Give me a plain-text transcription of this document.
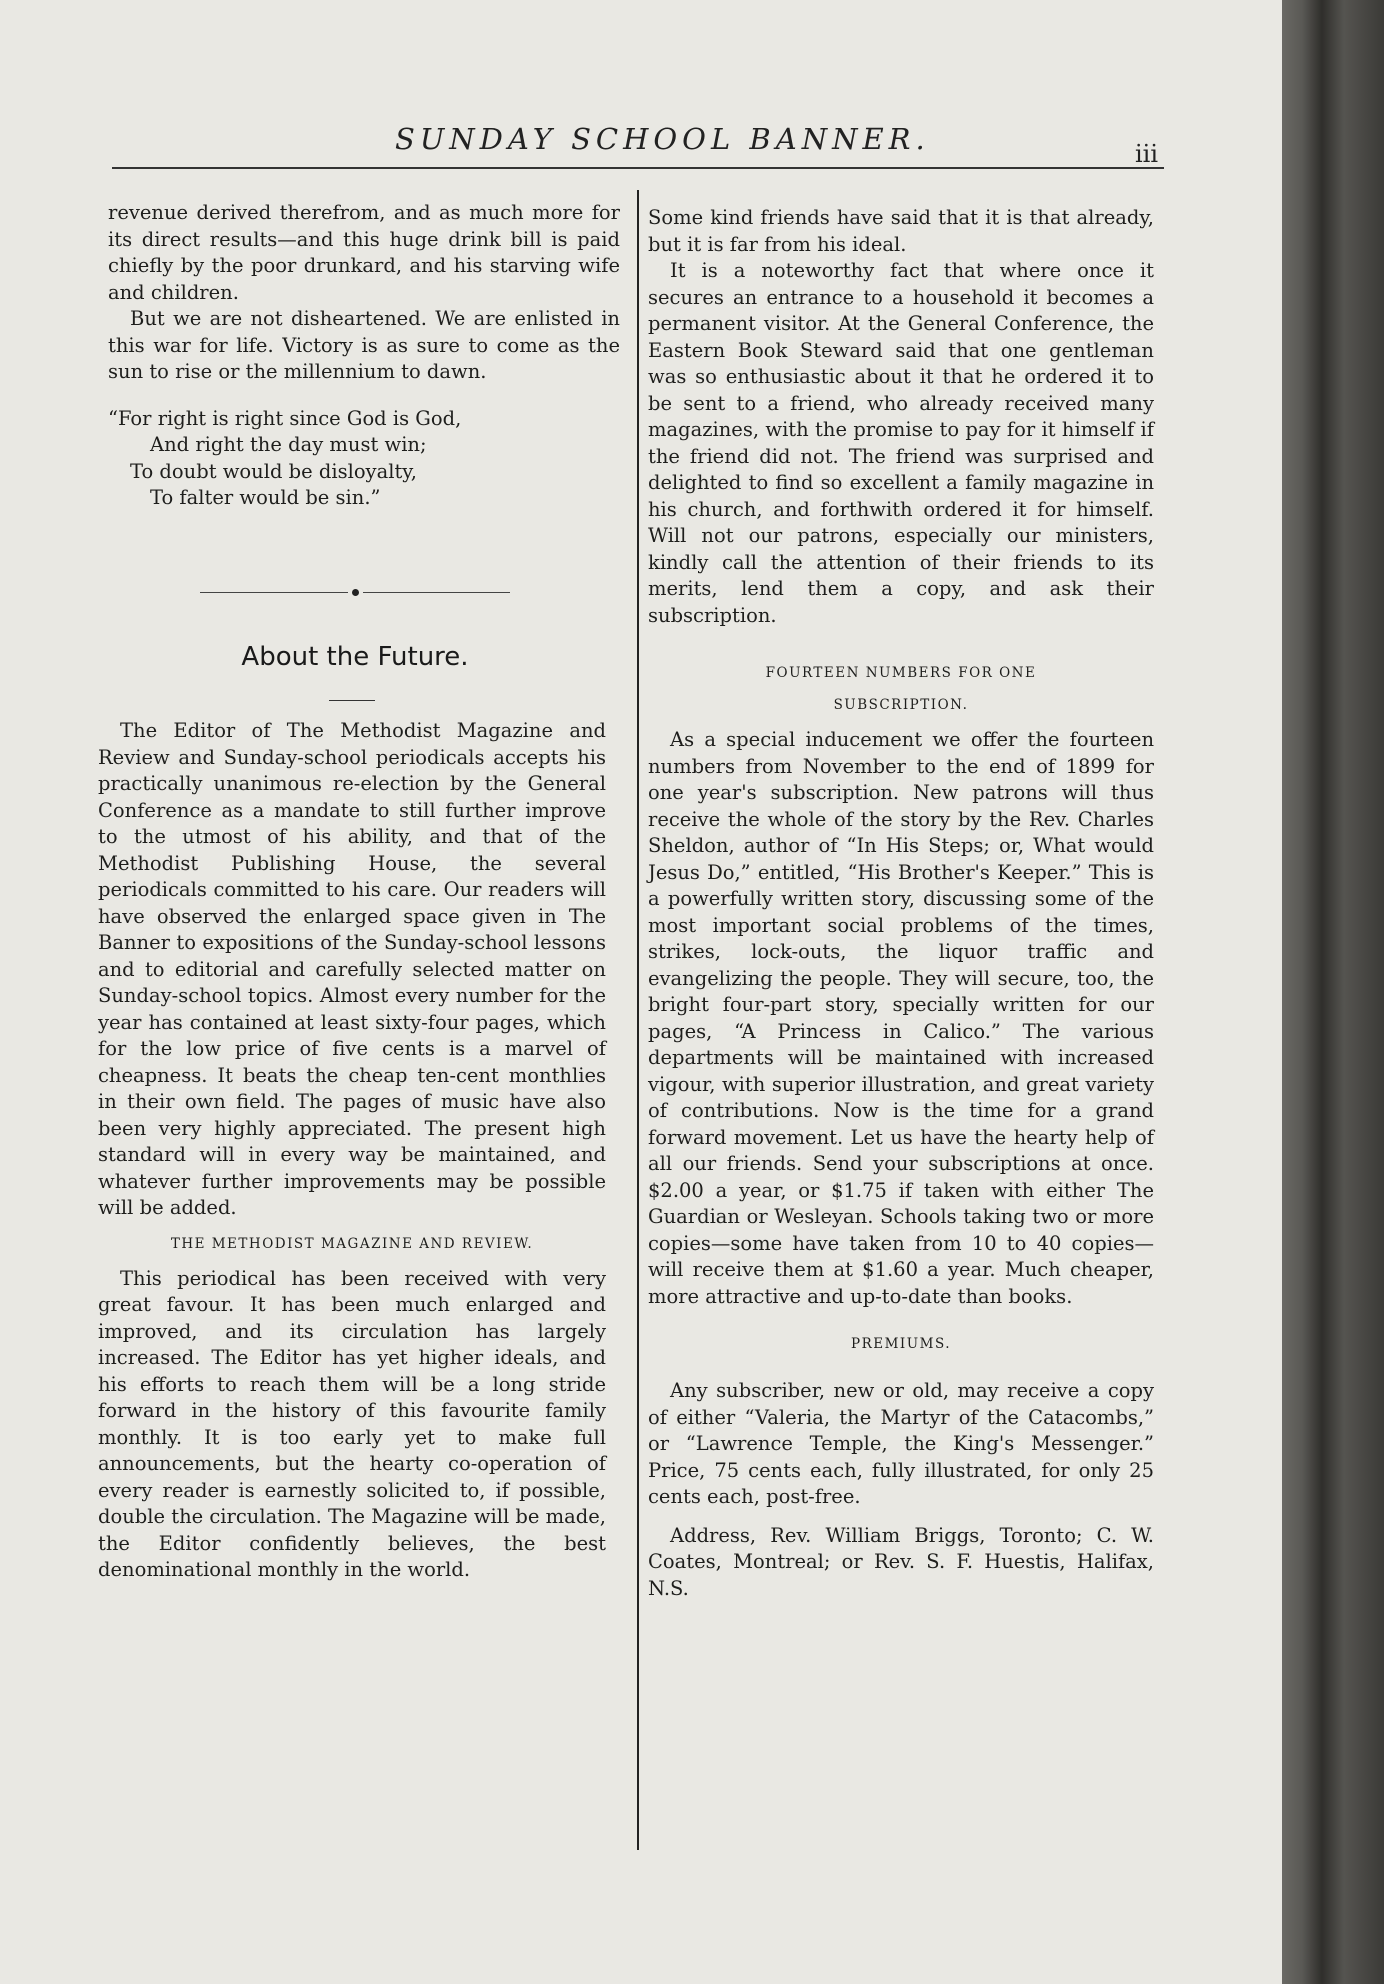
SUNDAY SCHOOL BANNER.	iii

revenue derived therefrom, and as much more for its direct results—and this huge drink bill is paid chiefly by the poor drunkard, and his starving wife and children.

But we are not disheartened. We are enlisted in this war for life. Victory is as sure to come as the sun to rise or the millennium to dawn.

“For right is right since God is God,
And right the day must win;
To doubt would be disloyalty,
To falter would be sin.”
About the Future.

The Editor of The Methodist Magazine and Review and Sunday-school periodicals accepts his practically unanimous re-election by the General Conference as a mandate to still further improve to the utmost of his ability, and that of the Methodist Publishing House, the several periodicals committed to his care. Our readers will have observed the enlarged space given in The Banner to expositions of the Sunday-school lessons and to editorial and carefully selected matter on Sunday-school topics. Almost every number for the year has contained at least sixty-four pages, which for the low price of five cents is a marvel of cheapness. It beats the cheap ten-cent monthlies in their own field. The pages of music have also been very highly appreciated. The present high standard will in every way be maintained, and whatever further improvements may be possible will be added.

THE METHODIST MAGAZINE AND REVIEW.

This periodical has been received with very great favour. It has been much enlarged and improved, and its circulation has largely increased. The Editor has yet higher ideals, and his efforts to reach them will be a long stride forward in the history of this favourite family monthly. It is too early yet to make full announcements, but the hearty co-operation of every reader is earnestly solicited to, if possible, double the circulation. The Magazine will be made, the Editor confidently believes, the best denominational monthly in the world.

Some kind friends have said that it is that already, but it is far from his ideal.

It is a noteworthy fact that where once it secures an entrance to a household it becomes a permanent visitor. At the General Conference, the Eastern Book Steward said that one gentleman was so enthusiastic about it that he ordered it to be sent to a friend, who already received many magazines, with the promise to pay for it himself if the friend did not. The friend was surprised and delighted to find so excellent a family magazine in his church, and forthwith ordered it for himself. Will not our patrons, especially our ministers, kindly call the attention of their friends to its merits, lend them a copy, and ask their subscription.

FOURTEEN NUMBERS FOR ONE

SUBSCRIPTION.

As a special inducement we offer the fourteen numbers from November to the end of 1899 for one year's subscription. New patrons will thus receive the whole of the story by the Rev. Charles Sheldon, author of “In His Steps; or, What would Jesus Do,” entitled, “His Brother's Keeper.” This is a powerfully written story, discussing some of the most important social problems of the times, strikes, lock-outs, the liquor traffic and evangelizing the people. They will secure, too, the bright four-part story, specially written for our pages, “A Princess in Calico.” The various departments will be maintained with increased vigour, with superior illustration, and great variety of contributions. Now is the time for a grand forward movement. Let us have the hearty help of all our friends. Send your subscriptions at once. $2.00 a year, or $1.75 if taken with either The Guardian or Wesleyan. Schools taking two or more copies—some have taken from 10 to 40 copies—will receive them at $1.60 a year. Much cheaper, more attractive and up-to-date than books.

PREMIUMS.

Any subscriber, new or old, may receive a copy of either “Valeria, the Martyr of the Catacombs,” or “Lawrence Temple, the King's Messenger.” Price, 75 cents each, fully illustrated, for only 25 cents each, post-free.

Address, Rev. William Briggs, Toronto; C. W. Coates, Montreal; or Rev. S. F. Huestis, Halifax, N.S.
